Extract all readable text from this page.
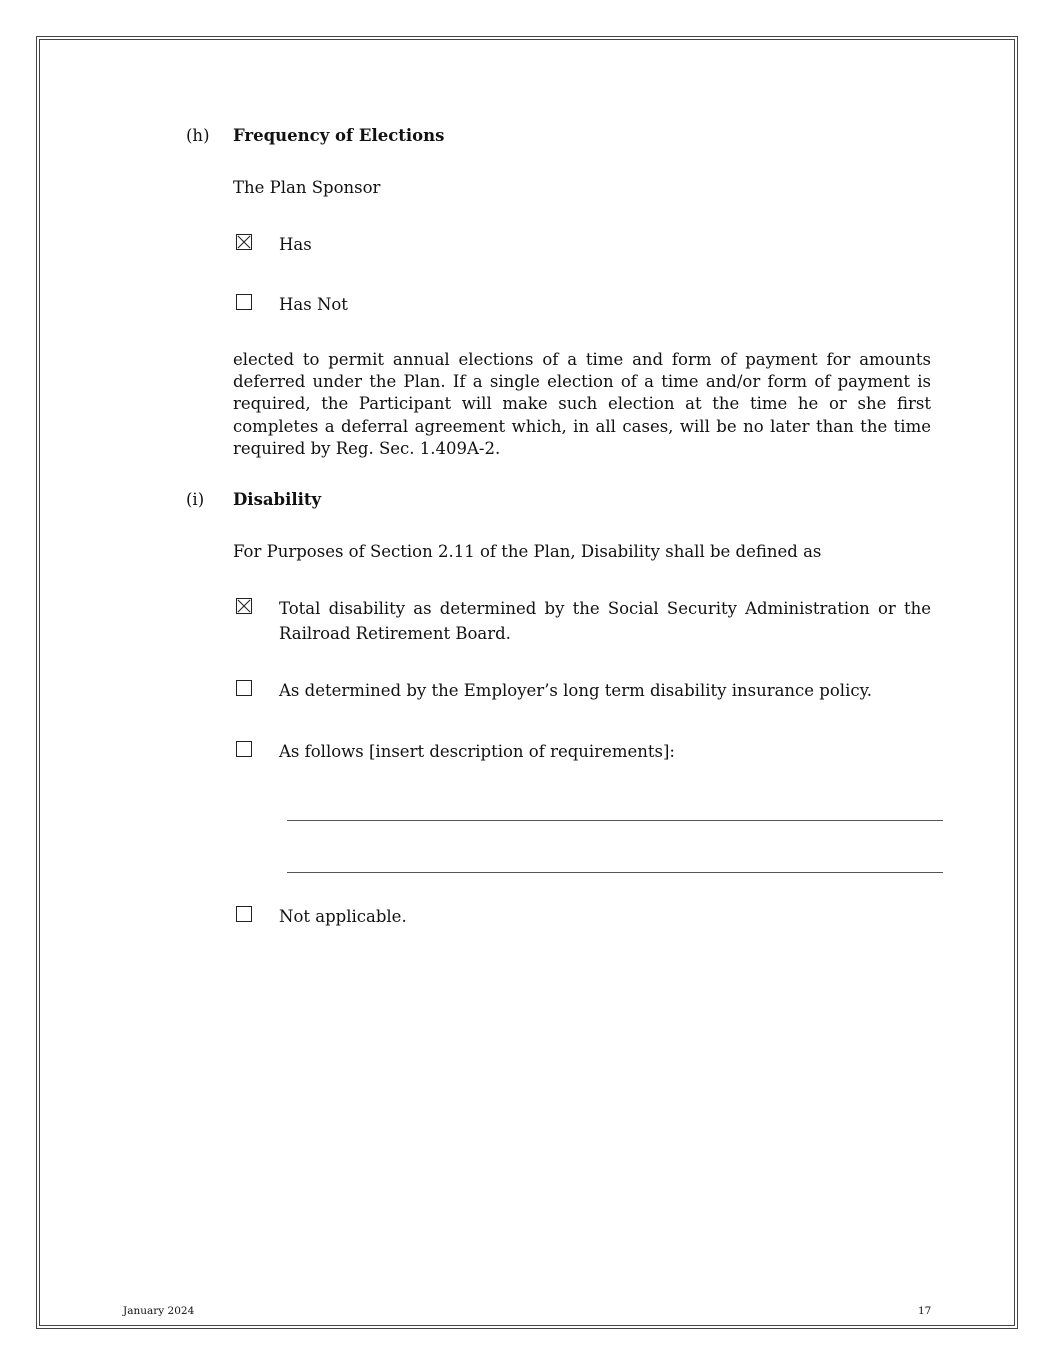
(h) Frequency of Elections
The Plan Sponsor
Has
Has Not
elected to permit annual elections of a time and form of payment for amounts deferred under the Plan. If a single election of a time and/or form of payment is required, the Participant will make such election at the time he or she first completes a deferral agreement which, in all cases, will be no later than the time required by Reg. Sec. 1.409A-2.
(i) Disability
For Purposes of Section 2.11 of the Plan, Disability shall be defined as
Total disability as determined by the Social Security Administration or the Railroad Retirement Board.
As determined by the Employer’s long term disability insurance policy.
As follows [insert description of requirements]:
Not applicable.
January 2024	17
